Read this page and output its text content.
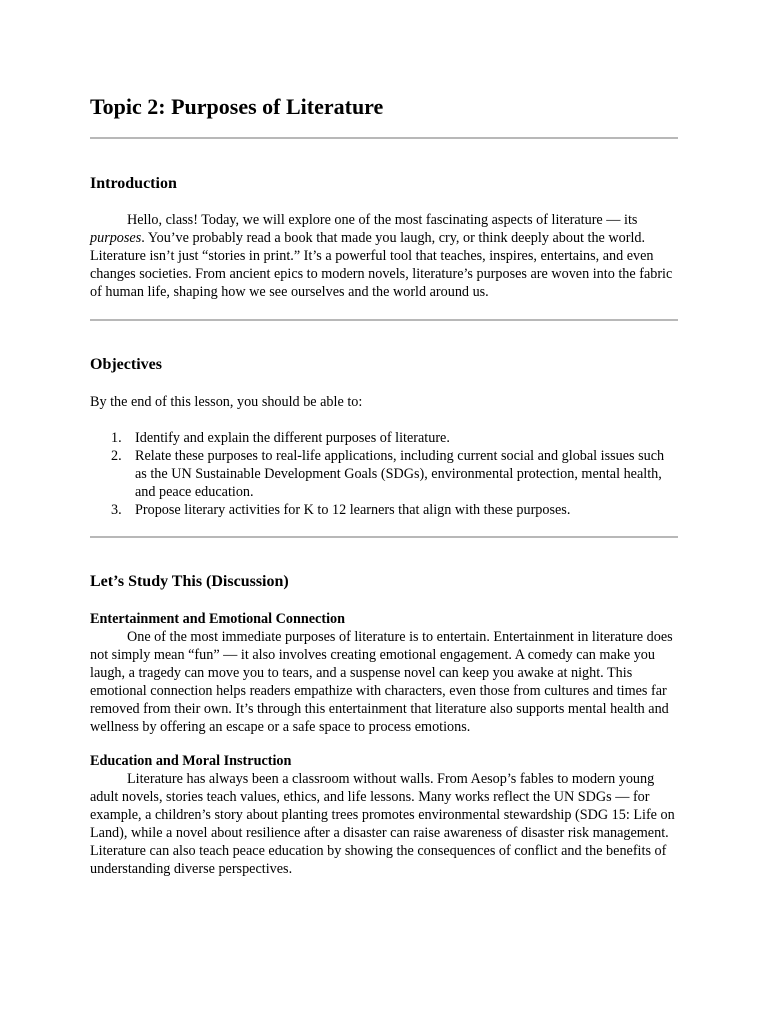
Topic 2: Purposes of Literature
Introduction

Hello, class! Today, we will explore one of the most fascinating aspects of literature — its purposes. You’ve probably read a book that made you laugh, cry, or think deeply about the world. Literature isn’t just “stories in print.” It’s a powerful tool that teaches, inspires, entertains, and even changes societies. From ancient epics to modern novels, literature’s purposes are woven into the fabric of human life, shaping how we see ourselves and the world around us.

Objectives

By the end of this lesson, you should be able to:

1. Identify and explain the different purposes of literature.
2. Relate these purposes to real-life applications, including current social and global issues such as the UN Sustainable Development Goals (SDGs), environmental protection, mental health, and peace education.
3. Propose literary activities for K to 12 learners that align with these purposes.
Let’s Study This (Discussion)
Entertainment and Emotional Connection

One of the most immediate purposes of literature is to entertain. Entertainment in literature does not simply mean “fun” — it also involves creating emotional engagement. A comedy can make you laugh, a tragedy can move you to tears, and a suspense novel can keep you awake at night. This emotional connection helps readers empathize with characters, even those from cultures and times far removed from their own. It’s through this entertainment that literature also supports mental health and wellness by offering an escape or a safe space to process emotions.

Education and Moral Instruction

Literature has always been a classroom without walls. From Aesop’s fables to modern young adult novels, stories teach values, ethics, and life lessons. Many works reflect the UN SDGs — for example, a children’s story about planting trees promotes environmental stewardship (SDG 15: Life on Land), while a novel about resilience after a disaster can raise awareness of disaster risk management. Literature can also teach peace education by showing the consequences of conflict and the benefits of understanding diverse perspectives.
